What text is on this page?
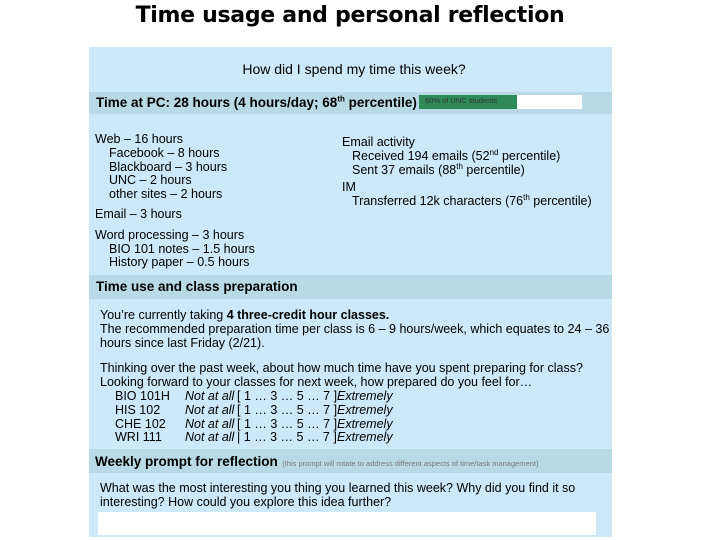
Time usage and personal reflection
How did I spend my time this week?
Time at PC: 28 hours (4 hours/day; 68th percentile) 60% of UNC students
Web – 16 hours
Facebook – 8 hours
Blackboard – 3 hours
UNC – 2 hours
other sites – 2 hours
Email – 3 hours
Word processing – 3 hours
BIO 101 notes – 1.5 hours
History paper – 0.5 hours
Email activity
Received 194 emails (52nd percentile)
Sent 37 emails (88th percentile)
IM
Transferred 12k characters (76th percentile)
Time use and class preparation
You’re currently taking 4 three-credit hour classes.
The recommended preparation time per class is 6 – 9 hours/week, which equates to 24 – 36
hours since last Friday (2/21).
Thinking over the past week, about how much time have you spent preparing for class?
Looking forward to your classes for next week, how prepared do you feel for…
BIO 101H	Not at all [ 1 … 3 … 5 … 7 ] Extremely
HIS 102	Not at all [ 1 … 3 … 5 … 7 ] Extremely
CHE 102	Not at all [ 1 … 3 … 5 … 7 ] Extremely
WRI 111	Not at all | 1 … 3 … 5 … 7 ] Extremely
Weekly prompt for reflection (this prompt will rotate to address different aspects of time/task management)
What was the most interesting you thing you learned this week? Why did you find it so
interesting? How could you explore this idea further?
